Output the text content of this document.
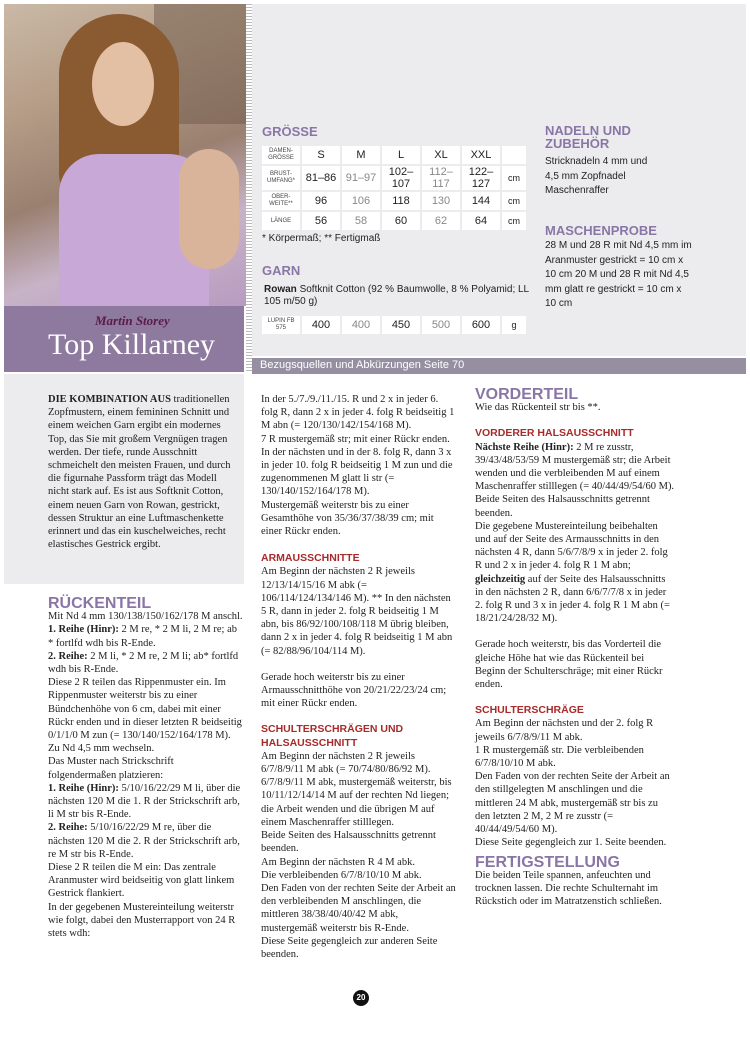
Martin Storey
Top Killarney
GRÖSSE
DAMEN-GRÖSSE	S	M	L	XL	XXL	
BRUST-UMFANG*	81–86	91–97	102–107	112–117	122–127	cm
OBER-WEITE**	96	106	118	130	144	cm
LÄNGE	56	58	60	62	64	cm
* Körpermaß; ** Fertigmaß
GARN
Rowan Softknit Cotton (92 % Baumwolle, 8 % Polyamid; LL 105 m/50 g)
LUPIN FB 575	400	400	450	500	600	g
NADELN UND ZUBEHÖR
Stricknadeln 4 mm und 4,5 mm Zopfnadel Maschenraffer
MASCHENPROBE
28 M und 28 R mit Nd 4,5 mm im Aranmuster gestrickt = 10 cm x 10 cm 20 M und 28 R mit Nd 4,5 mm glatt re gestrickt = 10 cm x 10 cm
Bezugsquellen und Abkürzungen Seite 70

DIE KOMBINATION AUS traditionellen Zopfmustern, einem femininen Schnitt und einem weichen Garn ergibt ein modernes Top, das Sie mit großem Vergnügen tragen werden. Der tiefe, runde Ausschnitt schmeichelt den meisten Frauen, und durch die figurnahe Passform trägt das Modell nicht stark auf. Es ist aus Softknit Cotton, einem neuen Garn von Rowan, gestrickt, dessen Struktur an eine Luftmaschenkette erinnert und das ein kuschelweiches, recht elastisches Gestrick ergibt.

RÜCKENTEIL

Mit Nd 4 mm 130/138/150/162/178 M anschl.

1. Reihe (Hinr): 2 M re, * 2 M li, 2 M re; ab * fortlfd wdh bis R-Ende.

2. Reihe: 2 M li, * 2 M re, 2 M li; ab* fortlfd wdh bis R-Ende.

Diese 2 R teilen das Rippenmuster ein. Im Rippenmuster weiterstr bis zu einer Bündchenhöhe von 6 cm, dabei mit einer Rückr enden und in dieser letzten R beidseitig 0/1/1/0 M zun (= 130/140/152/164/178 M).

Zu Nd 4,5 mm wechseln.

Das Muster nach Strickschrift folgendermaßen platzieren:

1. Reihe (Hinr): 5/10/16/22/29 M li, über die nächsten 120 M die 1. R der Strickschrift arb, li M str bis R-Ende.

2. Reihe: 5/10/16/22/29 M re, über die nächsten 120 M die 2. R der Strickschrift arb, re M str bis R-Ende.

Diese 2 R teilen die M ein: Das zentrale Aranmuster wird beidseitig von glatt linkem Gestrick flankiert.

In der gegebenen Mustereinteilung weiterstr wie folgt, dabei den Musterrapport von 24 R stets wdh:

In der 5./7./9./11./15. R und 2 x in jeder 6. folg R, dann 2 x in jeder 4. folg R beidseitig 1 M abn (= 120/130/142/154/168 M).

7 R mustergemäß str; mit einer Rückr enden.

In der nächsten und in der 8. folg R, dann 3 x in jeder 10. folg R beidseitig 1 M zun und die zugenommenen M glatt li str (= 130/140/152/164/178 M).

Mustergemäß weiterstr bis zu einer Gesamthöhe von 35/36/37/38/39 cm; mit einer Rückr enden.

ARMAUSSCHNITTE

Am Beginn der nächsten 2 R jeweils 12/13/14/15/16 M abk (= 106/114/124/134/146 M). ** In den nächsten 5 R, dann in jeder 2. folg R beidseitig 1 M abn, bis 86/92/100/108/118 M übrig bleiben, dann 2 x in jeder 4. folg R beidseitig 1 M abn (= 82/88/96/104/114 M).

Gerade hoch weiterstr bis zu einer Armausschnitthöhe von 20/21/22/23/24 cm; mit einer Rückr enden.

SCHULTERSCHRÄGEN UND HALSAUSSCHNITT

Am Beginn der nächsten 2 R jeweils 6/7/8/9/11 M abk (= 70/74/80/86/92 M).

6/7/8/9/11 M abk, mustergemäß weiterstr, bis 10/11/12/14/14 M auf der rechten Nd liegen; die Arbeit wenden und die übrigen M auf einem Maschenraffer stilllegen.

Beide Seiten des Halsausschnitts getrennt beenden.

Am Beginn der nächsten R 4 M abk.

Die verbleibenden 6/7/8/10/10 M abk.

Den Faden von der rechten Seite der Arbeit an den verbleibenden M anschlingen, die mittleren 38/38/40/40/42 M abk, mustergemäß weiterstr bis R-Ende.

Diese Seite gegengleich zur anderen Seite beenden.

VORDERTEIL

Wie das Rückenteil str bis **.

VORDERER HALSAUSSCHNITT

Nächste Reihe (Hinr): 2 M re zusstr, 39/43/48/53/59 M mustergemäß str; die Arbeit wenden und die verbleibenden M auf einem Maschenraffer stilllegen (= 40/44/49/54/60 M).

Beide Seiten des Halsausschnitts getrennt beenden.

Die gegebene Mustereinteilung beibehalten und auf der Seite des Armausschnitts in den nächsten 4 R, dann 5/6/7/8/9 x in jeder 2. folg R und 2 x in jeder 4. folg R 1 M abn; gleichzeitig auf der Seite des Halsausschnitts in den nächsten 2 R, dann 6/6/7/7/8 x in jeder 2. folg R und 3 x in jeder 4. folg R 1 M abn (= 18/21/24/28/32 M).

Gerade hoch weiterstr, bis das Vorderteil die gleiche Höhe hat wie das Rückenteil bei Beginn der Schulterschräge; mit einer Rückr enden.

SCHULTERSCHRÄGE

Am Beginn der nächsten und der 2. folg R jeweils 6/7/8/9/11 M abk.

1 R mustergemäß str. Die verbleibenden 6/7/8/10/10 M abk.

Den Faden von der rechten Seite der Arbeit an den stillgelegten M anschlingen und die mittleren 24 M abk, mustergemäß str bis zu den letzten 2 M, 2 M re zusstr (= 40/44/49/54/60 M).

Diese Seite gegengleich zur 1. Seite beenden.

FERTIGSTELLUNG

Die beiden Teile spannen, anfeuchten und trocknen lassen. Die rechte Schulternaht im Rückstich oder im Matratzenstich schließen.

20
